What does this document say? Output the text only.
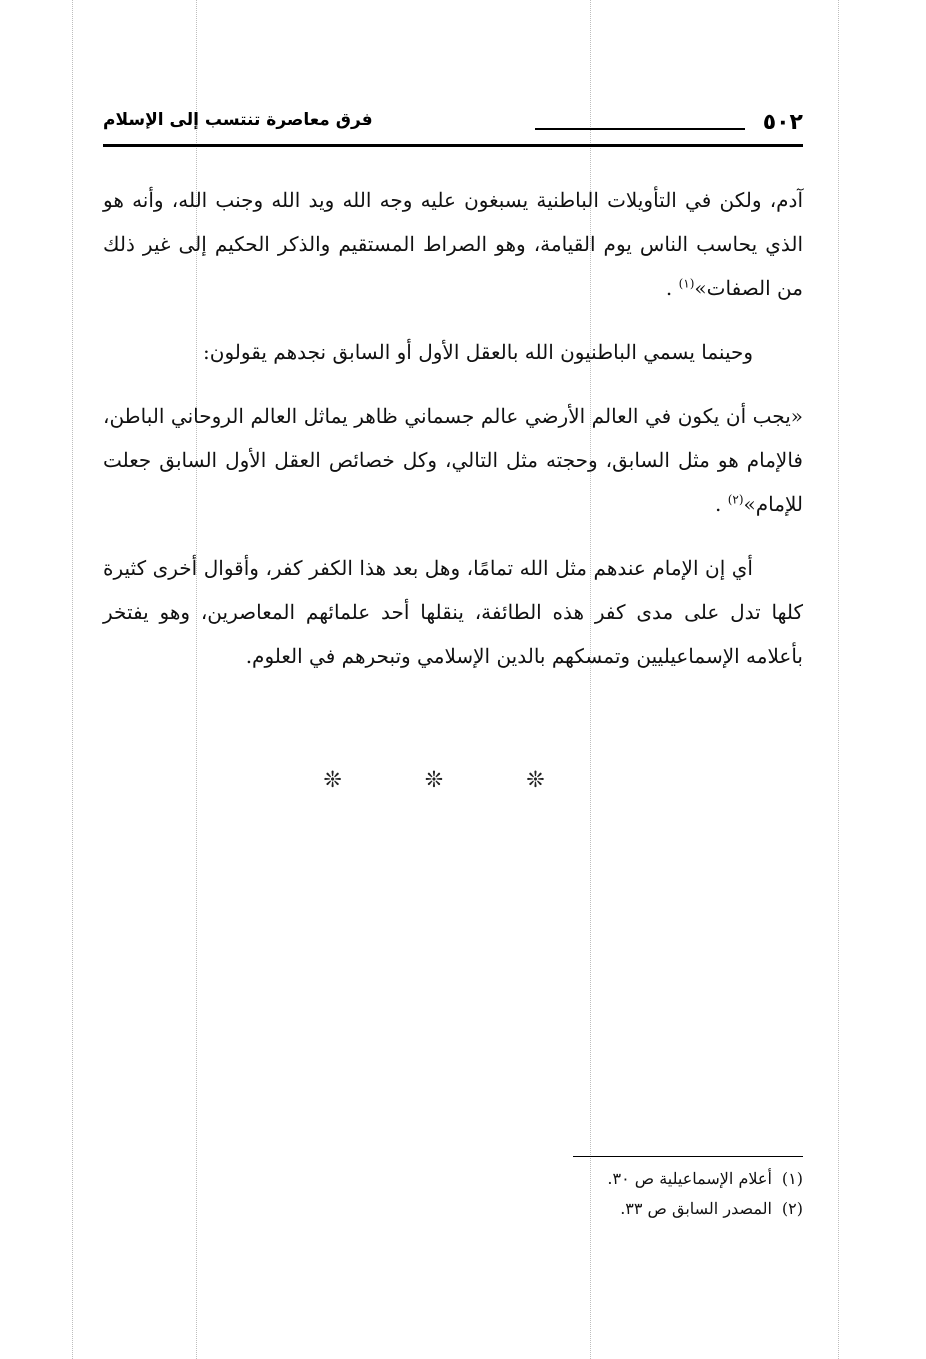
٥٠٢
فرق معاصرة تنتسب إلى الإسلام

آدم، ولكن في التأويلات الباطنية يسبغون عليه وجه الله ويد الله وجنب الله، وأنه هو الذي يحاسب الناس يوم القيامة، وهو الصراط المستقيم والذكر الحكيم إلى غير ذلك من الصفات»$^{(١)}$ .

وحينما يسمي الباطنيون الله بالعقل الأول أو السابق نجدهم يقولون:

«يجب أن يكون في العالم الأرضي عالم جسماني ظاهر يماثل العالم الروحاني الباطن، فالإمام هو مثل السابق، وحجته مثل التالي، وكل خصائص العقل الأول السابق جعلت للإمام»$^{(٢)}$ .

أي إن الإمام عندهم مثل الله تمامًا، وهل بعد هذا الكفر كفر، وأقوال أخرى كثيرة كلها تدل على مدى كفر هذه الطائفة، ينقلها أحد علمائهم المعاصرين، وهو يفتخر بأعلامه الإسماعيليين وتمسكهم بالدين الإسلامي وتبحرهم في العلوم.

❊ ❊ ❊
(١)أعلام الإسماعيلية ص ٣٠.
(٢)المصدر السابق ص ٣٣.
